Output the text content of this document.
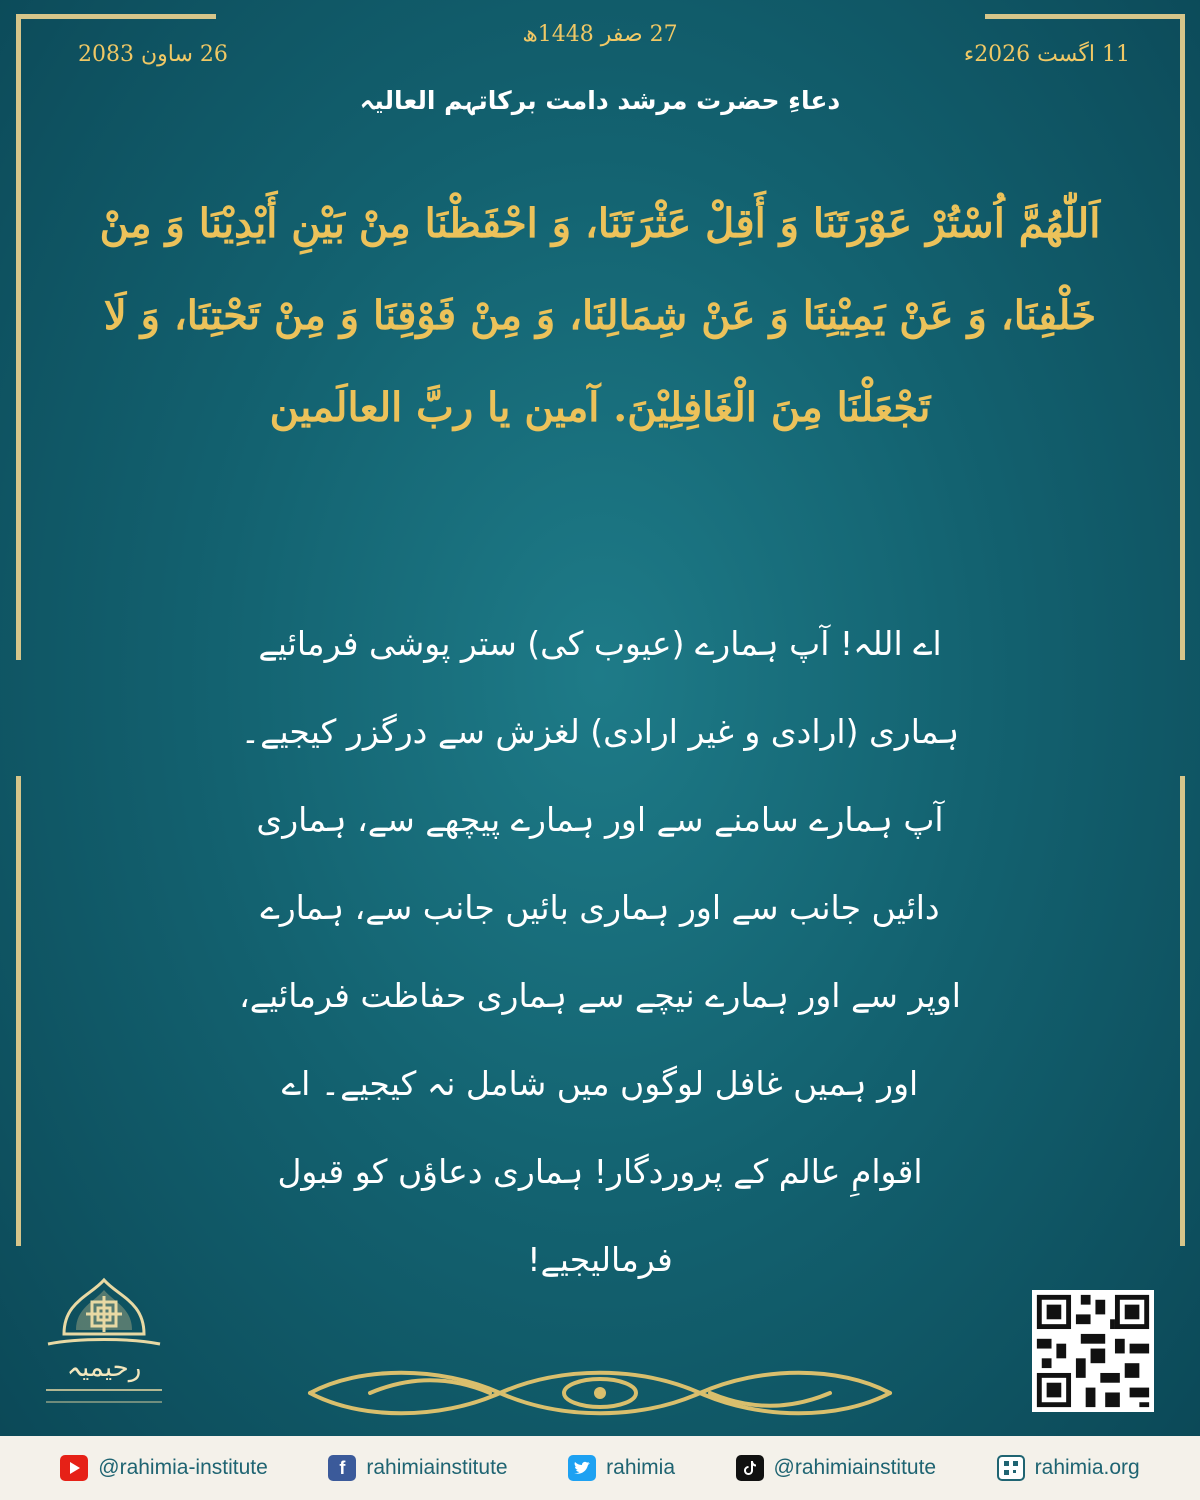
11 اگست 2026ء
27 صفر 1448ھ
26 ساون 2083
دعاءِ حضرت مرشد دامت برکاتہم العالیہ

اَللّٰهُمَّ اُسْتُرْ عَوْرَتَنَا وَ أَقِلْ عَثْرَتَنَا، وَ احْفَظْنَا مِنْ بَيْنِ أَيْدِيْنَا وَ مِنْ خَلْفِنَا، وَ عَنْ يَمِيْنِنَا وَ عَنْ شِمَالِنَا، وَ مِنْ فَوْقِنَا وَ مِنْ تَحْتِنَا، وَ لَا تَجْعَلْنَا مِنَ الْغَافِلِيْنَ. آمين يا ربَّ العالَمين

اے اللہ! آپ ہمارے (عیوب کی) ستر پوشی فرمائیے
ہماری (ارادی و غیر ارادی) لغزش سے درگزر کیجیے۔
آپ ہمارے سامنے سے اور ہمارے پیچھے سے، ہماری
دائیں جانب سے اور ہماری بائیں جانب سے، ہمارے
اوپر سے اور ہمارے نیچے سے ہماری حفاظت فرمائیے،
اور ہمیں غافل لوگوں میں شامل نہ کیجیے۔ اے
اقوامِ عالم کے پروردگار! ہماری دعاؤں کو قبول
فرمالیجیے!
رحیمیہ
@rahimia-institute	f	rahimiainstitute	rahimia	@rahimiainstitute	rahimia.org
